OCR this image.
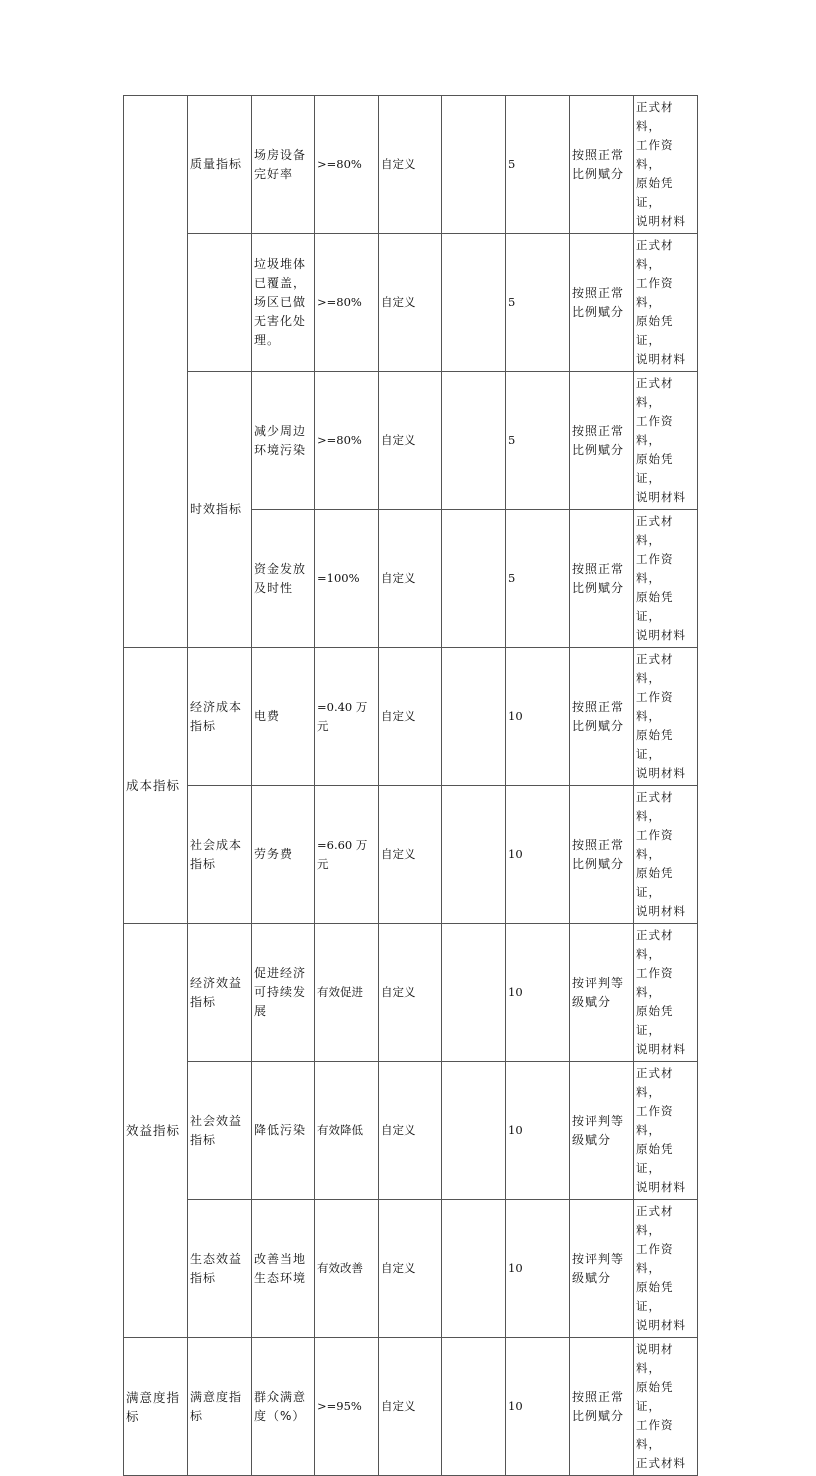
	质量指标	场房设备完好率	>=80%	自定义		5	按照正常比例赋分	正式材料，
工作资料，
原始凭证，
说明材料

		垃圾堆体已覆盖，场区已做无害化处理。	>=80%	自定义		5	按照正常比例赋分	正式材料，
工作资料，
原始凭证，
说明材料

	时效指标	减少周边环境污染	>=80%	自定义		5	按照正常比例赋分	正式材料，
工作资料，
原始凭证，
说明材料

		资金发放及时性	=100%	自定义		5	按照正常比例赋分	正式材料，
工作资料，
原始凭证，
说明材料

成本指标	经济成本指标	电费	=0.40 万元	自定义		10	按照正常比例赋分	正式材料，
工作资料，
原始凭证，
说明材料

	社会成本指标	劳务费	=6.60 万元	自定义		10	按照正常比例赋分	正式材料，
工作资料，
原始凭证，
说明材料

效益指标	经济效益指标	促进经济可持续发展	有效促进	自定义		10	按评判等级赋分	正式材料，
工作资料，
原始凭证，
说明材料

	社会效益指标	降低污染	有效降低	自定义		10	按评判等级赋分	正式材料，
工作资料，
原始凭证，
说明材料

	生态效益指标	改善当地生态环境	有效改善	自定义		10	按评判等级赋分	正式材料，
工作资料，
原始凭证，
说明材料

满意度指标	满意度指标	群众满意度（%）	>=95%	自定义		10	按照正常比例赋分	说明材料，
原始凭证，
工作资料，
正式材料
